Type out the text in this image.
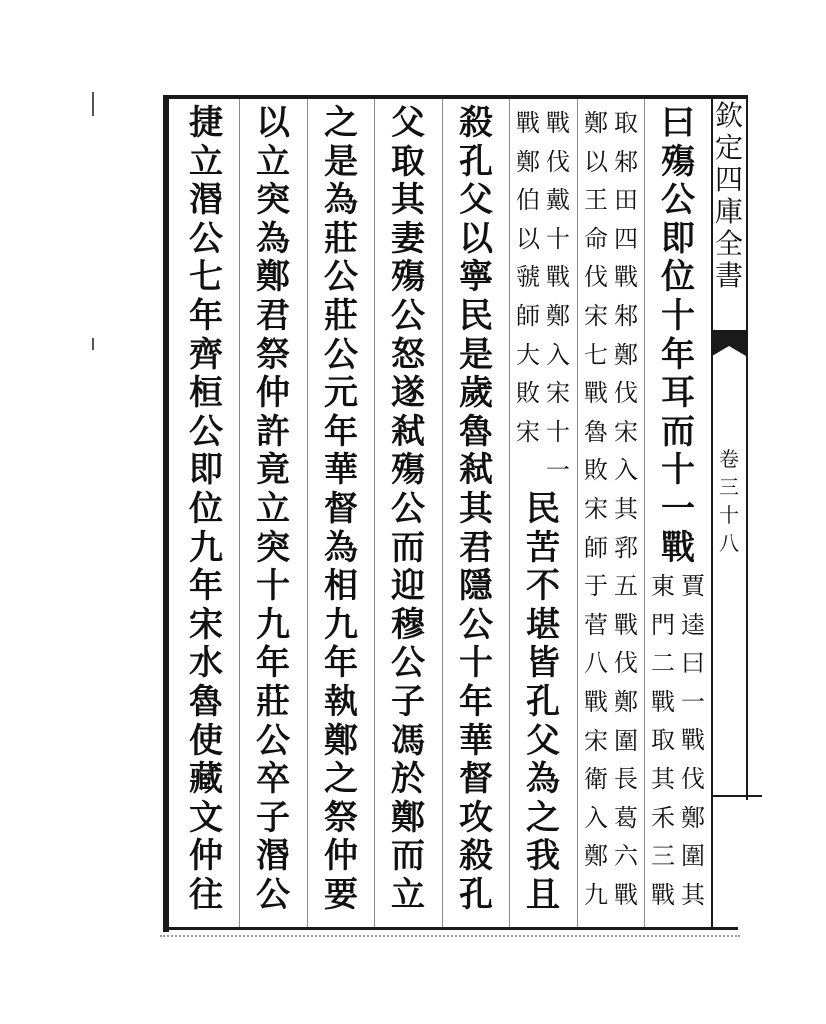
欽
定
四
庫
全
書
卷
三
十
八
曰
殤
公
即
位
十
年
耳
而
十
一
戰
賈
逵
曰
一
戰
伐
鄭
圍
其
東
門
二
戰
取
其
禾
三
戰
取
邾
田
四
戰
邾
鄭
伐
宋
入
其
郛
五
戰
伐
鄭
圍
長
葛
六
戰
鄭
以
王
命
伐
宋
七
戰
魯
敗
宋
師
于
菅
八
戰
宋
衛
入
鄭
九
戰
伐
戴
十
戰
鄭
入
宋
十
一
戰
鄭
伯
以
虢
師
大
敗
宋
民
苦
不
堪
皆
孔
父
為
之
我
且
殺
孔
父
以
寧
民
是
歲
魯
弒
其
君
隱
公
十
年
華
督
攻
殺
孔
父
取
其
妻
殤
公
怒
遂
弒
殤
公
而
迎
穆
公
子
馮
於
鄭
而
立
之
是
為
莊
公
莊
公
元
年
華
督
為
相
九
年
執
鄭
之
祭
仲
要
以
立
突
為
鄭
君
祭
仲
許
竟
立
突
十
九
年
莊
公
卒
子
湣
公
捷
立
湣
公
七
年
齊
桓
公
即
位
九
年
宋
水
魯
使
藏
文
仲
往
